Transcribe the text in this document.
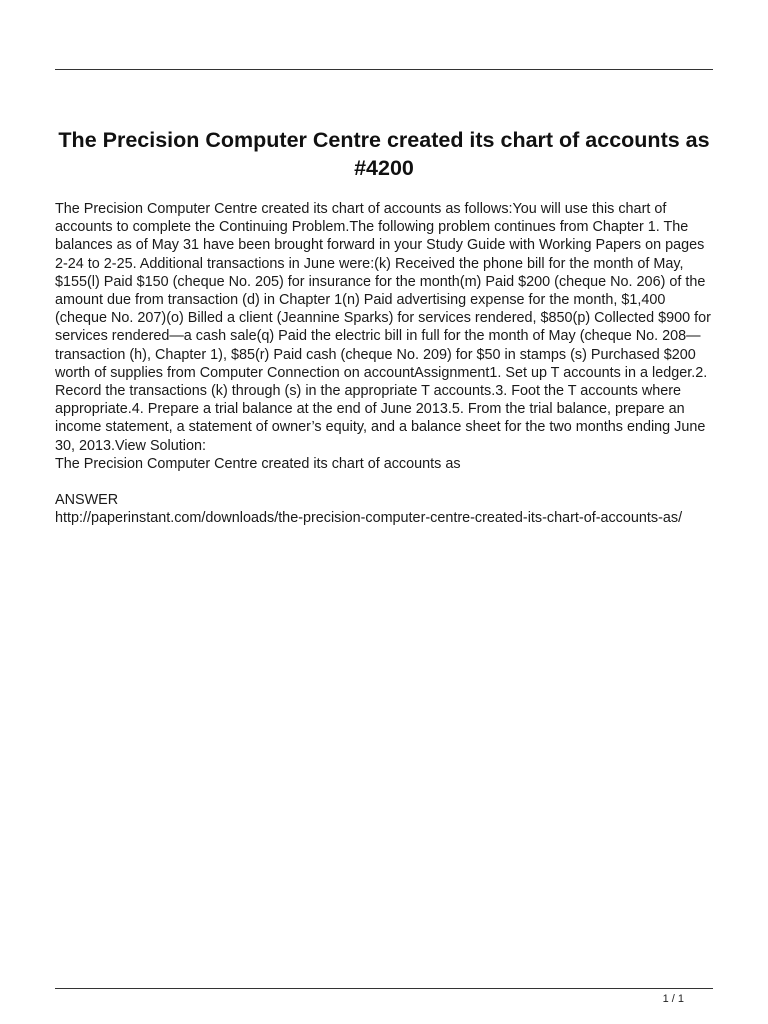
The Precision Computer Centre created its chart of accounts as #4200

The Precision Computer Centre created its chart of accounts as follows:You will use this chart of accounts to complete the Continuing Problem.The following problem continues from Chapter 1. The balances as of May 31 have been brought forward in your Study Guide with Working Papers on pages 2-24 to 2-25. Additional transactions in June were:(k) Received the phone bill for the month of May, $155(l) Paid $150 (cheque No. 205) for insurance for the month(m) Paid $200 (cheque No. 206) of the amount due from transaction (d) in Chapter 1(n) Paid advertising expense for the month, $1,400 (cheque No. 207)(o) Billed a client (Jeannine Sparks) for services rendered, $850(p) Collected $900 for services rendered—a cash sale(q) Paid the electric bill in full for the month of May (cheque No. 208—transaction (h), Chapter 1), $85(r) Paid cash (cheque No. 209) for $50 in stamps (s) Purchased $200 worth of supplies from Computer Connection on accountAssignment1. Set up T accounts in a ledger.2. Record the transactions (k) through (s) in the appropriate T accounts.3. Foot the T accounts where appropriate.4. Prepare a trial balance at the end of June 2013.5. From the trial balance, prepare an income statement, a statement of owner’s equity, and a balance sheet for the two months ending June 30, 2013.View Solution:

The Precision Computer Centre created its chart of accounts as

ANSWER

http://paperinstant.com/downloads/the-precision-computer-centre-created-its-chart-of-accounts-as/

1 / 1
